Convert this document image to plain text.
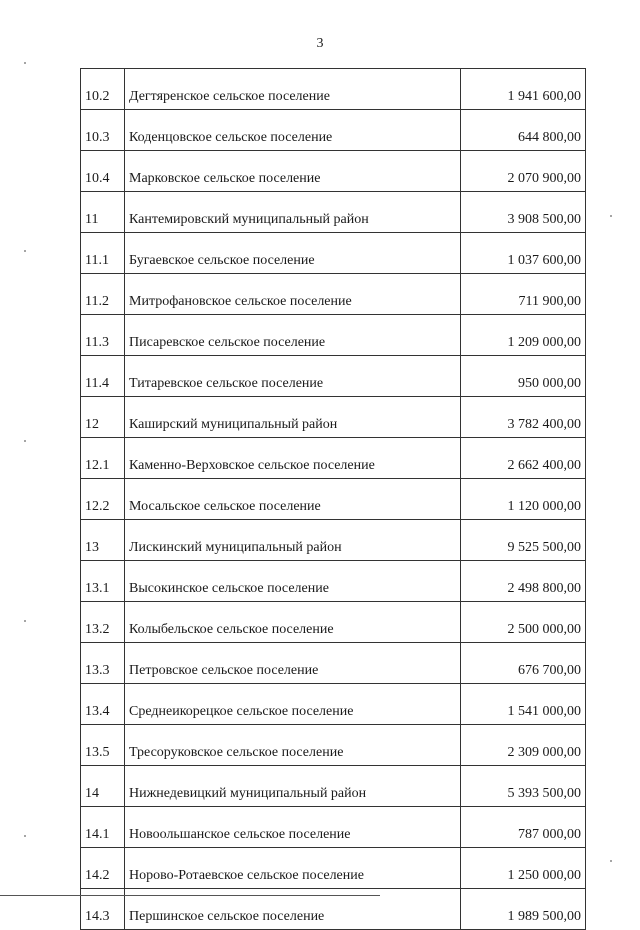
3
10.2	Дегтяренское сельское поселение	1 941 600,00
10.3	Коденцовское сельское поселение	644 800,00
10.4	Марковское сельское поселение	2 070 900,00
11	Кантемировский муниципальный район	3 908 500,00
11.1	Бугаевское сельское поселение	1 037 600,00
11.2	Митрофановское сельское поселение	711 900,00
11.3	Писаревское сельское поселение	1 209 000,00
11.4	Титаревское сельское поселение	950 000,00
12	Каширский муниципальный район	3 782 400,00
12.1	Каменно-Верховское сельское поселение	2 662 400,00
12.2	Мосальское сельское поселение	1 120 000,00
13	Лискинский муниципальный район	9 525 500,00
13.1	Высокинское сельское поселение	2 498 800,00
13.2	Колыбельское сельское поселение	2 500 000,00
13.3	Петровское сельское поселение	676 700,00
13.4	Среднеикорецкое сельское поселение	1 541 000,00
13.5	Тресоруковское сельское поселение	2 309 000,00
14	Нижнедевицкий муниципальный район	5 393 500,00
14.1	Новоольшанское сельское поселение	787 000,00
14.2	Норово-Ротаевское сельское поселение	1 250 000,00
14.3	Першинское сельское поселение	1 989 500,00
